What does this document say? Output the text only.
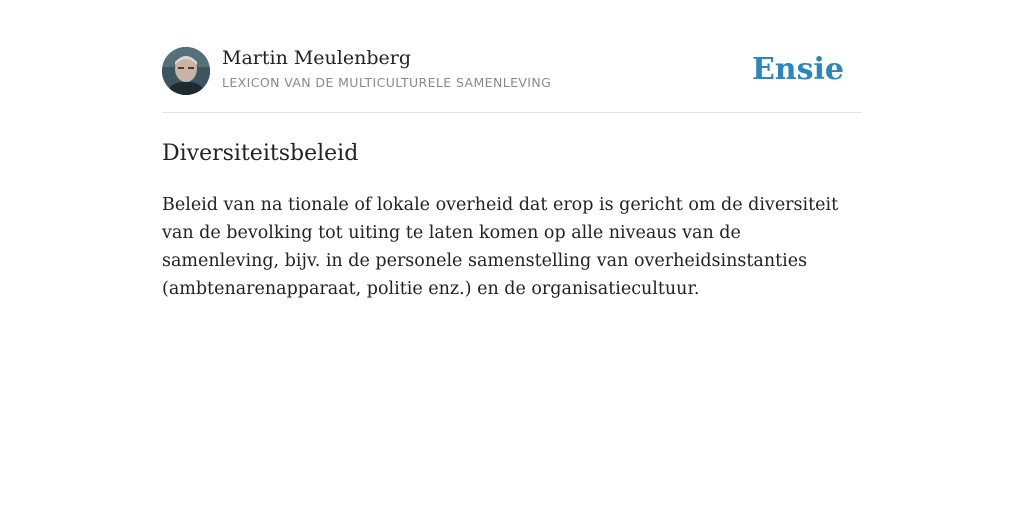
Martin Meulenberg
LEXICON VAN DE MULTICULTURELE SAMENLEVING	Ensie
Diversiteitsbeleid

Beleid van na tionale of lokale overheid dat erop is gericht om de diversiteit van de bevolking tot uiting te laten komen op alle niveaus van de samenleving, bijv. in de personele samenstelling van overheidsinstanties (ambtenarenapparaat, politie enz.) en de organisatiecultuur.
